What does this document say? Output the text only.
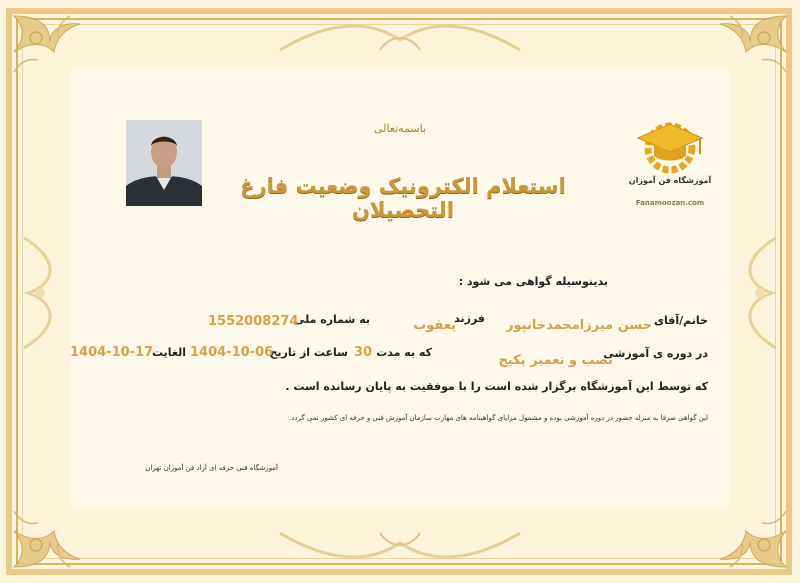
باسمه‌تعالی
استعلام الکترونیک وضعیت فارغ التحصیلان
آموزشگاه فن آموزان
Fanamoozan.com
بدینوسیله گواهی می شود :
خانم/آقای
حسن میرزامحمدخانپور
فرزند
یعقوب
به شماره ملی
1552008274
در دوره ی آموزشی
نصب و تعمیر پکیج
که به مدت
30
ساعت از تاریخ
1404-10-06
الغایت
1404-10-17
که توسط این آموزشگاه برگزار شده است را با موفقیت به پایان رسانده است .
این گواهی صرفا به منزله حضور در دوره آموزشی بوده و مشمول مزایای گواهینامه های مهارت سازمان آموزش فنی و حرفه ای کشور نمی گردد.
آموزشگاه فنی حرفه ای آزاد فن آموزان تهران
